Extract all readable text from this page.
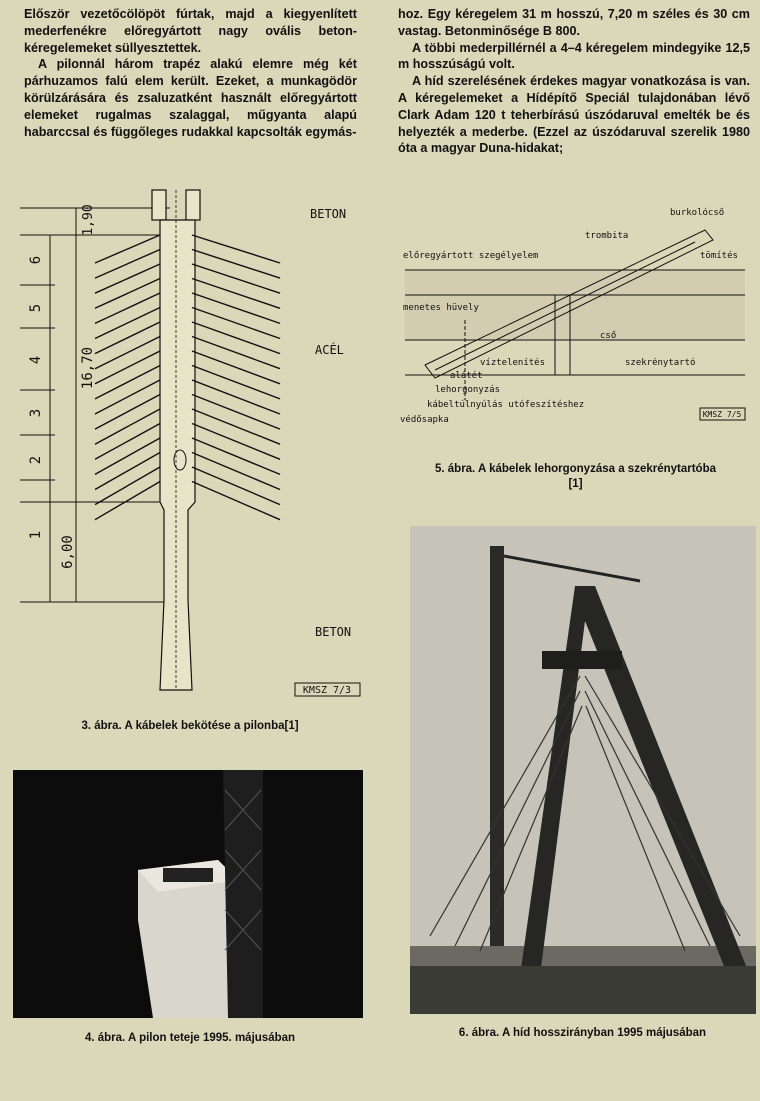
Először vezetőcölöpöt fúrtak, majd a kiegyenlített mederfenékre előregyártott nagy ovális beton-kéregelemeket süllyesztettek.

A pilonnál három trapéz alakú elemre még két párhuzamos falú elem került. Ezeket, a munkagödör körülzárására és zsaluzatként használt előregyártott elemeket rugalmas szalaggal, műgyanta alapú habarccsal és függőleges rudakkal kapcsolták egymás-

hoz. Egy kéregelem 31 m hosszú, 7,20 m széles és 30 cm vastag. Betonminősége B 800.

A többi mederpillérnél a 4–4 kéregelem mindegyike 12,5 m hosszúságú volt.

A híd szerelésének érdekes magyar vonatkozása is van. A kéregelemeket a Hídépítő Speciál tulajdonában lévő Clark Adam 120 t teherbírású úszódaruval emelték be és helyezték a mederbe. (Ezzel az úszódaruval szerelik 1980 óta a magyar Duna-hidakat;

1,90
16,70
6,00
6
5
4
3
2
1
BETON
ACÉL
BETON
KMSZ 7/3
3. ábra. A kábelek bekötése a pilonba[1]
burkolócső
trombita
tömítés
előregyártott szegélyelem
menetes hüvely
cső
víztelenítés	szekrénytartó
alátét
lehorgonyzás
kábeltúlnyúlás utófeszítéshez
védősapka
KMSZ 7/5
5. ábra. A kábelek lehorgonyzása a szekrénytartóba
[1]
4. ábra. A pilon teteje 1995. májusában	6. ábra. A híd hosszirányban 1995 májusában
